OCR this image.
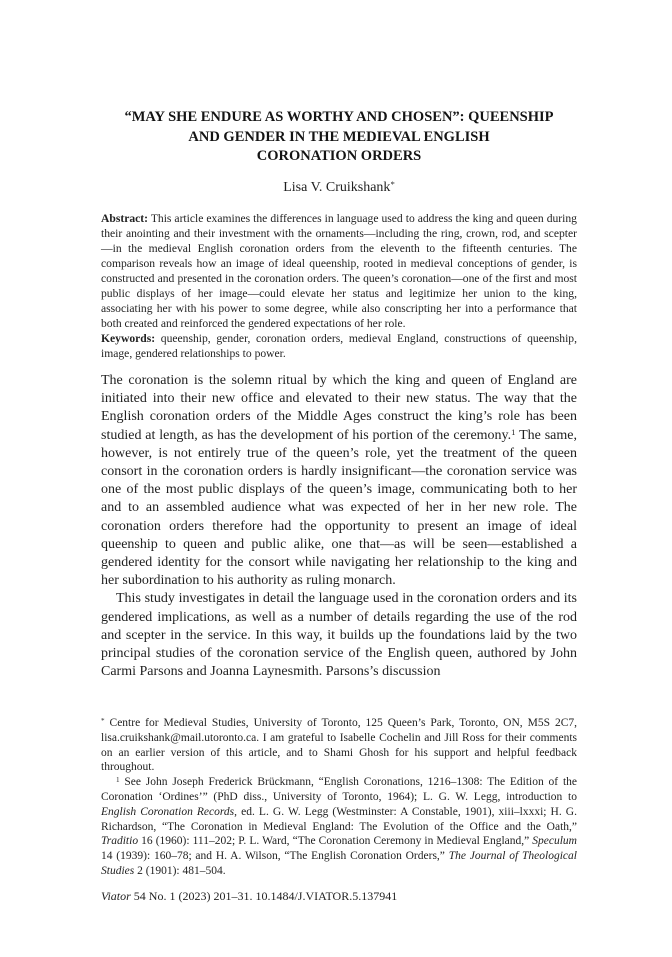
“MAY SHE ENDURE AS WORTHY AND CHOSEN”: QUEENSHIP
AND GENDER IN THE MEDIEVAL ENGLISH
CORONATION ORDERS
Lisa V. Cruikshank*

Abstract: This article examines the differences in language used to address the king and queen during their anointing and their investment with the ornaments—including the ring, crown, rod, and scepter—in the medieval English coronation orders from the eleventh to the fifteenth centuries. The comparison reveals how an image of ideal queenship, rooted in medieval conceptions of gender, is constructed and presented in the coronation orders. The queen’s coronation—one of the first and most public displays of her image—could elevate her status and legitimize her union to the king, associating her with his power to some degree, while also conscripting her into a performance that both created and reinforced the gendered expectations of her role.

Keywords: queenship, gender, coronation orders, medieval England, constructions of queenship, image, gendered relationships to power.

The coronation is the solemn ritual by which the king and queen of England are initiated into their new office and elevated to their new status. The way that the English coronation orders of the Middle Ages construct the king’s role has been studied at length, as has the development of his portion of the ceremony.$^1$ The same, however, is not entirely true of the queen’s role, yet the treatment of the queen consort in the coronation orders is hardly insignificant—the coronation service was one of the most public displays of the queen’s image, communicating both to her and to an assembled audience what was expected of her in her new role. The coronation orders therefore had the opportunity to present an image of ideal queenship to queen and public alike, one that—as will be seen—established a gendered identity for the consort while navigating her relationship to the king and her subordination to his authority as ruling monarch.

This study investigates in detail the language used in the coronation orders and its gendered implications, as well as a number of details regarding the use of the rod and scepter in the service. In this way, it builds up the foundations laid by the two principal studies of the coronation service of the English queen, authored by John Carmi Parsons and Joanna Laynesmith. Parsons’s discussion

* Centre for Medieval Studies, University of Toronto, 125 Queen’s Park, Toronto, ON, M5S 2C7, lisa.cruikshank@mail.utoronto.ca. I am grateful to Isabelle Cochelin and Jill Ross for their comments on an earlier version of this article, and to Shami Ghosh for his support and helpful feedback throughout.

$^1$ See John Joseph Frederick Brückmann, “English Coronations, 1216–1308: The Edition of the Coronation ‘Ordines’” (PhD diss., University of Toronto, 1964); L. G. W. Legg, introduction to English Coronation Records, ed. L. G. W. Legg (Westminster: A Constable, 1901), xiii–lxxxi; H. G. Richardson, “The Coronation in Medieval England: The Evolution of the Office and the Oath,” Traditio 16 (1960): 111–202; P. L. Ward, “The Coronation Ceremony in Medieval England,” Speculum 14 (1939): 160–78; and H. A. Wilson, “The English Coronation Orders,” The Journal of Theological Studies 2 (1901): 481–504.

Viator 54 No. 1 (2023) 201–31. 10.1484/J.VIATOR.5.137941
